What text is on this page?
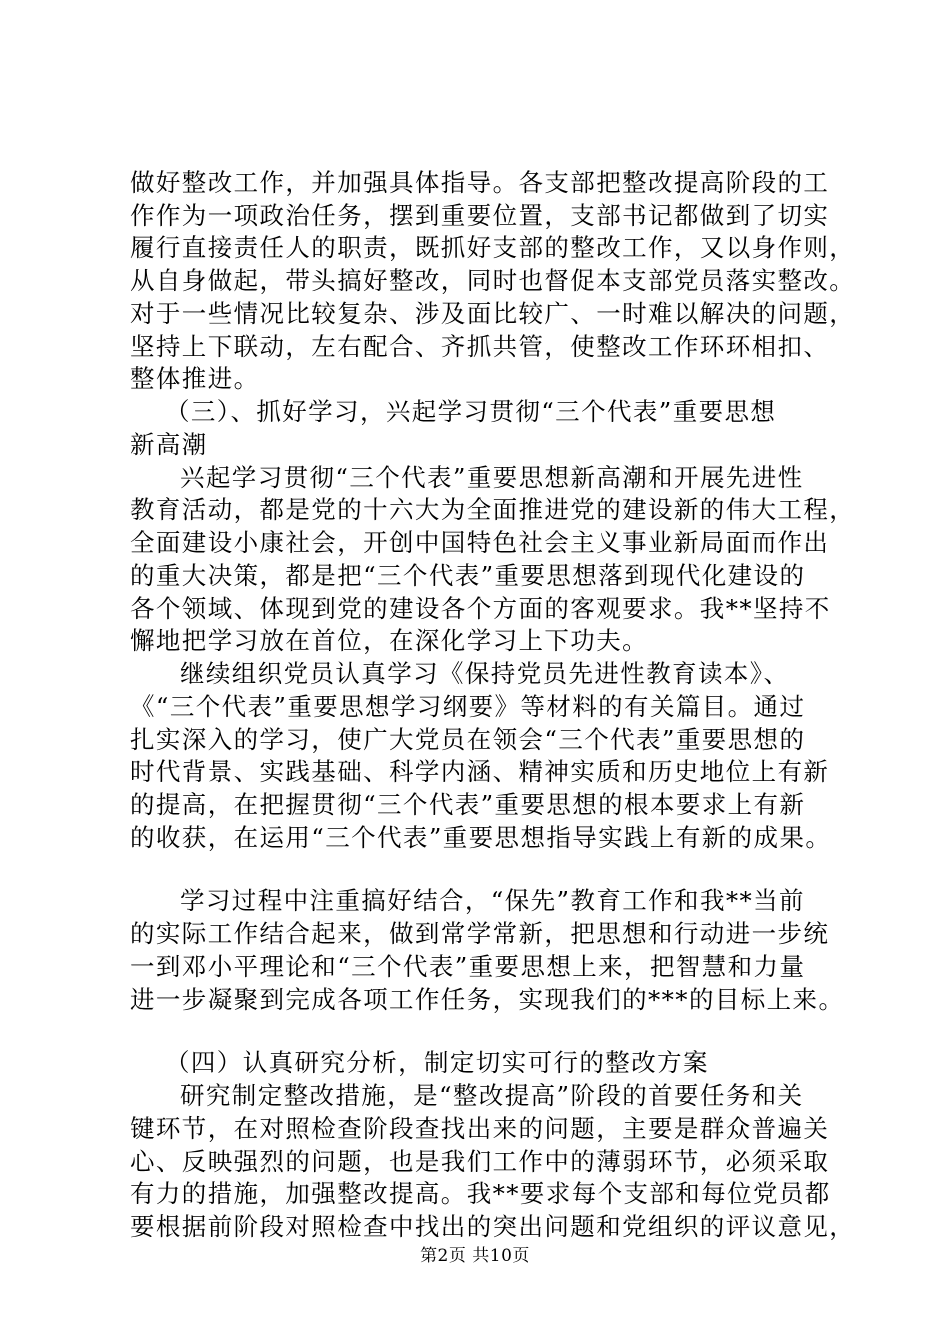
做好整改工作，并加强具体指导。各支部把整改提高阶段的工
作作为一项政治任务，摆到重要位置，支部书记都做到了切实
履行直接责任人的职责，既抓好支部的整改工作，又以身作则，
从自身做起，带头搞好整改，同时也督促本支部党员落实整改。
对于一些情况比较复杂、涉及面比较广、一时难以解决的问题，
坚持上下联动，左右配合、齐抓共管，使整改工作环环相扣、
整体推进。
（三）、抓好学习，兴起学习贯彻“三个代表”重要思想
新高潮
兴起学习贯彻“三个代表”重要思想新高潮和开展先进性
教育活动，都是党的十六大为全面推进党的建设新的伟大工程，
全面建设小康社会，开创中国特色社会主义事业新局面而作出
的重大决策，都是把“三个代表”重要思想落到现代化建设的
各个领域、体现到党的建设各个方面的客观要求。我**坚持不
懈地把学习放在首位，在深化学习上下功夫。
继续组织党员认真学习《保持党员先进性教育读本》、
《“三个代表”重要思想学习纲要》等材料的有关篇目。通过
扎实深入的学习，使广大党员在领会“三个代表”重要思想的
时代背景、实践基础、科学内涵、精神实质和历史地位上有新
的提高，在把握贯彻“三个代表”重要思想的根本要求上有新
的收获，在运用“三个代表”重要思想指导实践上有新的成果。
学习过程中注重搞好结合，“保先”教育工作和我**当前
的实际工作结合起来，做到常学常新，把思想和行动进一步统
一到邓小平理论和“三个代表”重要思想上来，把智慧和力量
进一步凝聚到完成各项工作任务，实现我们的***的目标上来。
（四）认真研究分析，制定切实可行的整改方案
研究制定整改措施，是“整改提高”阶段的首要任务和关
键环节，在对照检查阶段查找出来的问题，主要是群众普遍关
心、反映强烈的问题，也是我们工作中的薄弱环节，必须采取
有力的措施，加强整改提高。我**要求每个支部和每位党员都
要根据前阶段对照检查中找出的突出问题和党组织的评议意见，
第2页 共10页
